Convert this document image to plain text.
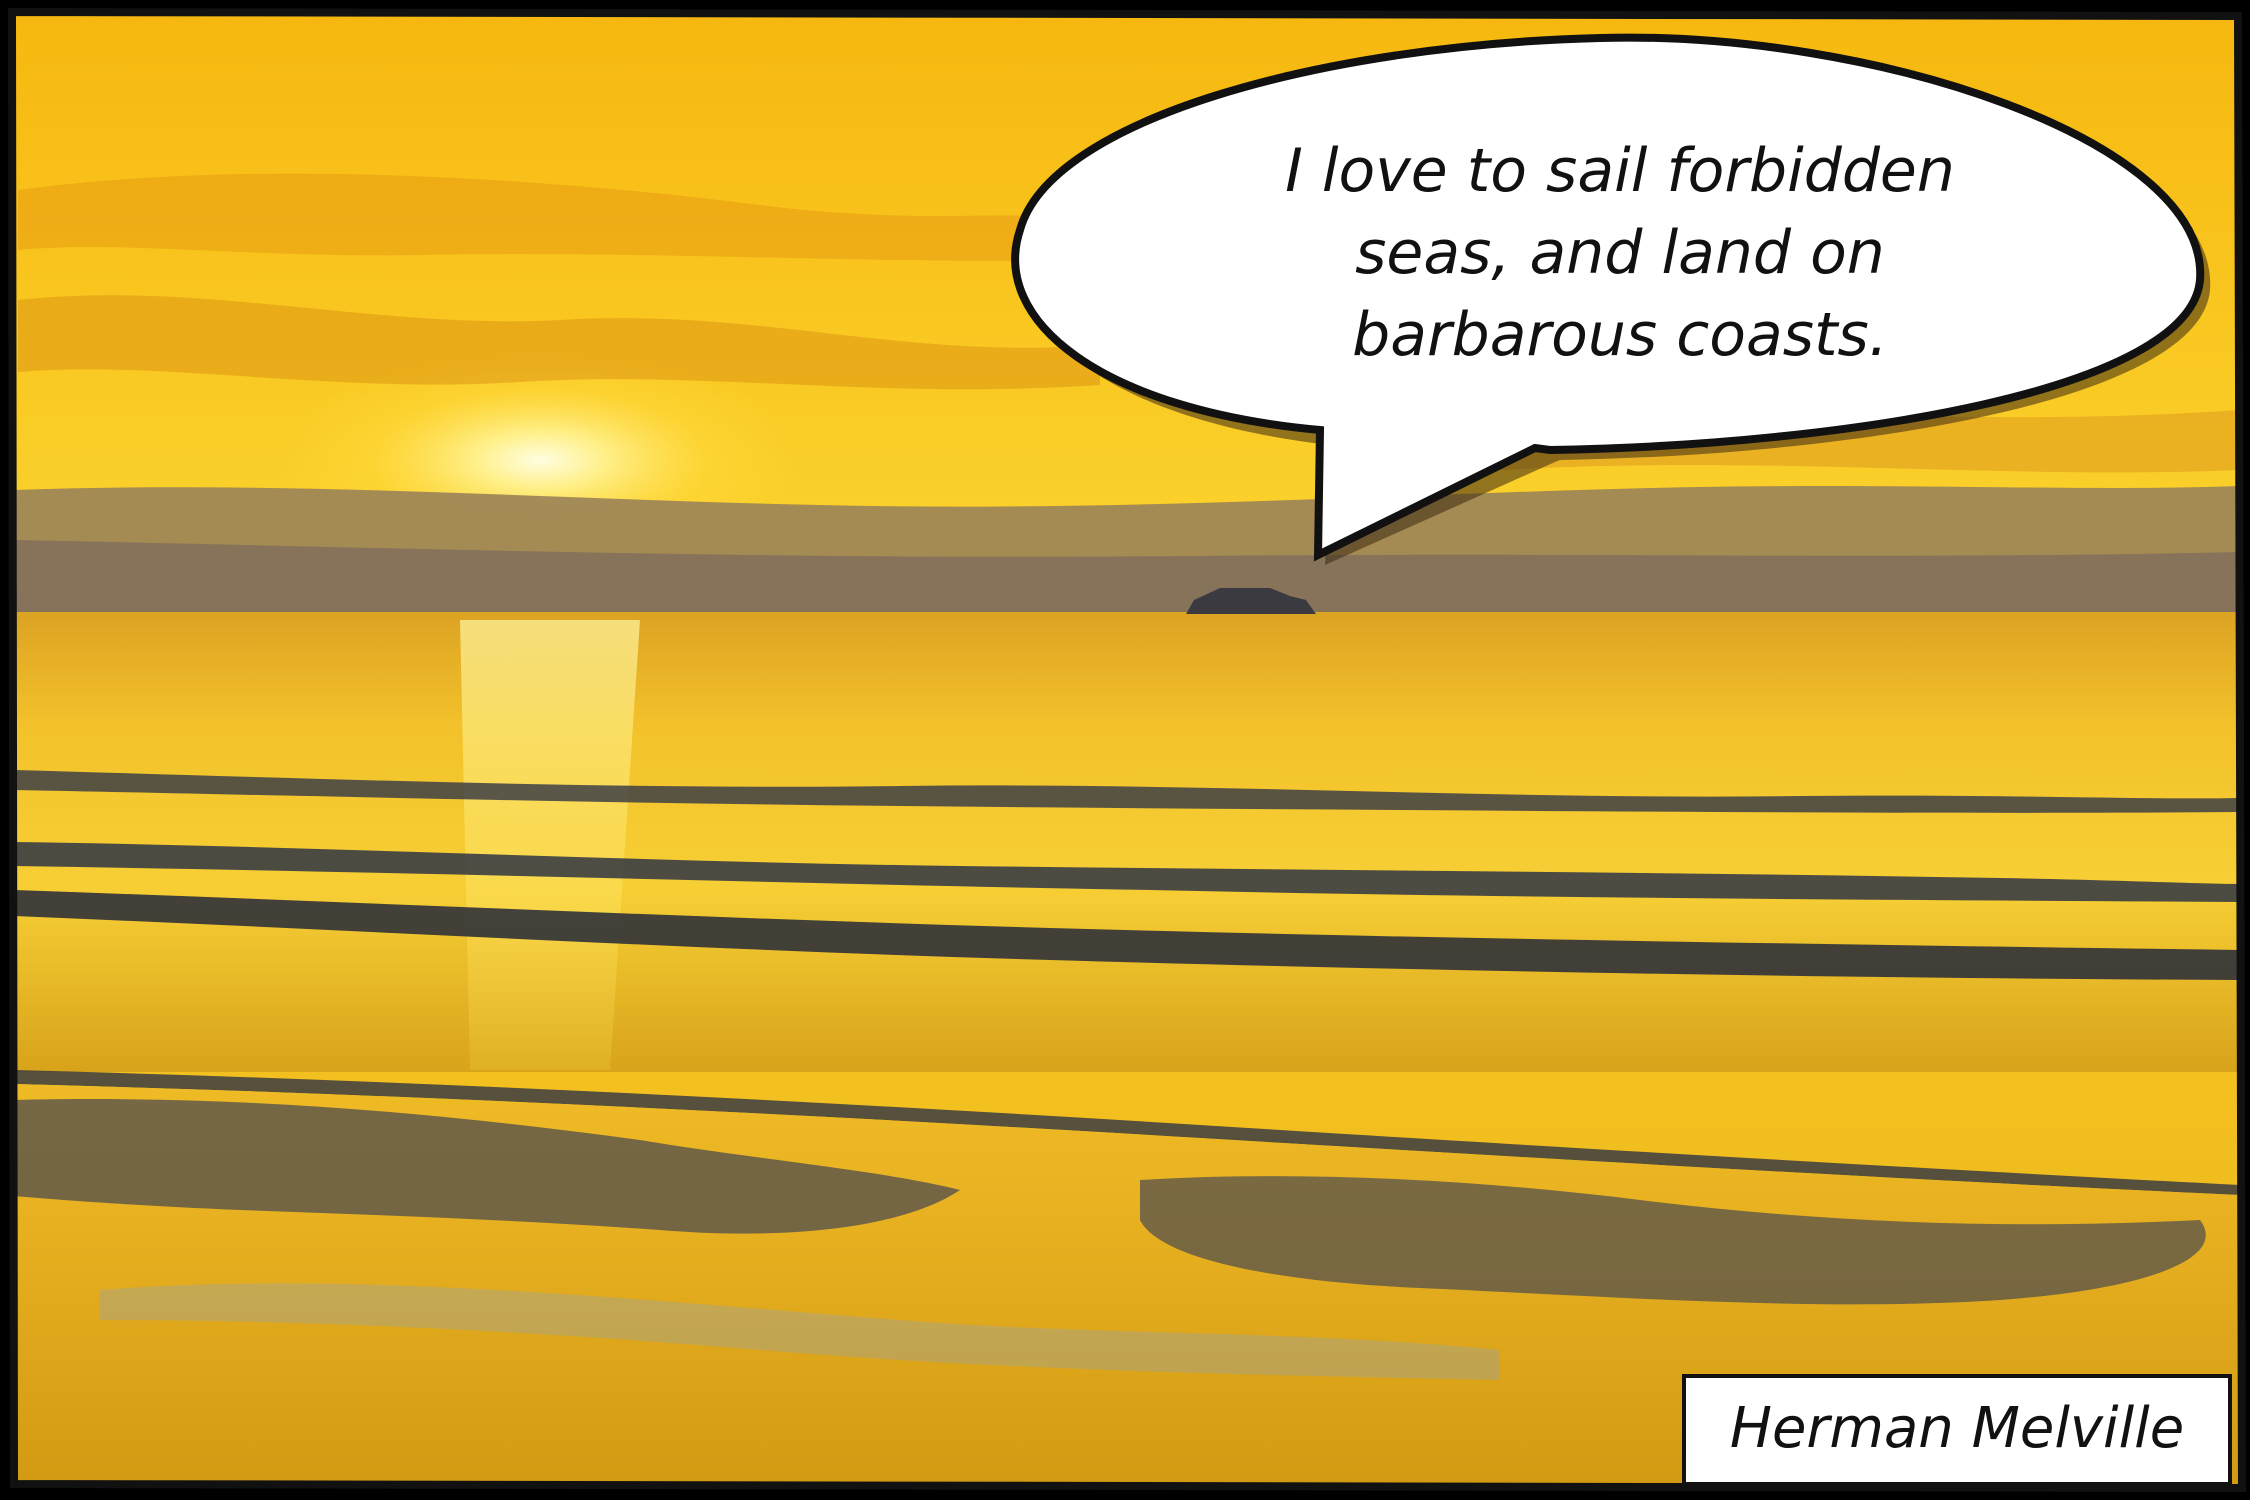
I love to sail forbidden
seas, and land on
barbarous coasts.
Herman Melville
